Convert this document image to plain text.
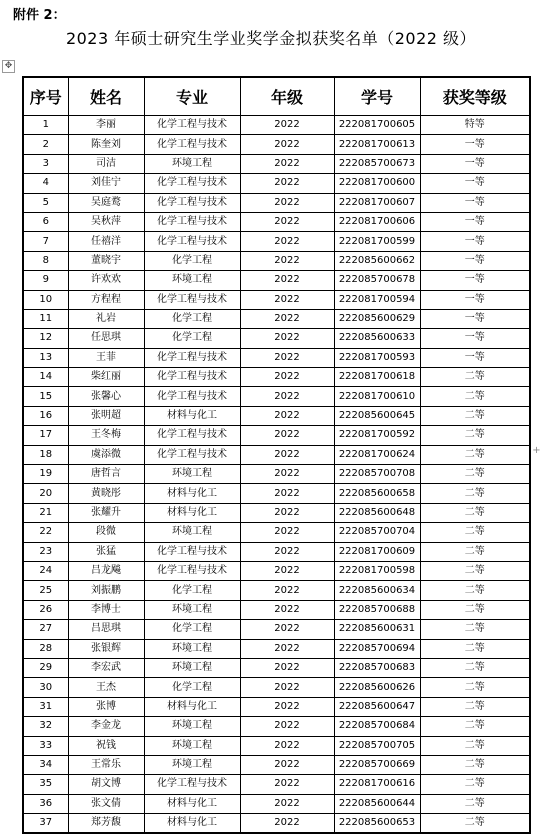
附件 2：
2023 年硕士研究生学业奖学金拟获奖名单（2022 级）
✥
+
序号	姓名	专业	年级	学号	获奖等级
1	李丽	化学工程与技术	2022	222081700605	特等
2	陈奎刘	化学工程与技术	2022	222081700613	一等
3	司洁	环境工程	2022	222085700673	一等
4	刘佳宁	化学工程与技术	2022	222081700600	一等
5	吴庭鹜	化学工程与技术	2022	222081700607	一等
6	吴秋萍	化学工程与技术	2022	222081700606	一等
7	任禧洋	化学工程与技术	2022	222081700599	一等
8	董晓宇	化学工程	2022	222085600662	一等
9	许欢欢	环境工程	2022	222085700678	一等
10	方程程	化学工程与技术	2022	222081700594	一等
11	礼岩	化学工程	2022	222085600629	一等
12	任思琪	化学工程	2022	222085600633	一等
13	王菲	化学工程与技术	2022	222081700593	一等
14	柴红丽	化学工程与技术	2022	222081700618	二等
15	张馨心	化学工程与技术	2022	222081700610	二等
16	张明超	材料与化工	2022	222085600645	二等
17	王冬梅	化学工程与技术	2022	222081700592	二等
18	虞添微	化学工程与技术	2022	222081700624	二等
19	唐哲言	环境工程	2022	222085700708	二等
20	黄晓彤	材料与化工	2022	222085600658	二等
21	张耀升	材料与化工	2022	222085600648	二等
22	段微	环境工程	2022	222085700704	二等
23	张猛	化学工程与技术	2022	222081700609	二等
24	吕龙飚	化学工程与技术	2022	222081700598	二等
25	刘振鹏	化学工程	2022	222085600634	二等
26	李博士	环境工程	2022	222085700688	二等
27	吕思琪	化学工程	2022	222085600631	二等
28	张银辉	环境工程	2022	222085700694	二等
29	李宏武	环境工程	2022	222085700683	二等
30	王杰	化学工程	2022	222085600626	二等
31	张博	材料与化工	2022	222085600647	二等
32	李金龙	环境工程	2022	222085700684	二等
33	祝钱	环境工程	2022	222085700705	二等
34	王常乐	环境工程	2022	222085700669	二等
35	胡文博	化学工程与技术	2022	222081700616	二等
36	张文倩	材料与化工	2022	222085600644	二等
37	郑芳馥	材料与化工	2022	222085600653	二等
